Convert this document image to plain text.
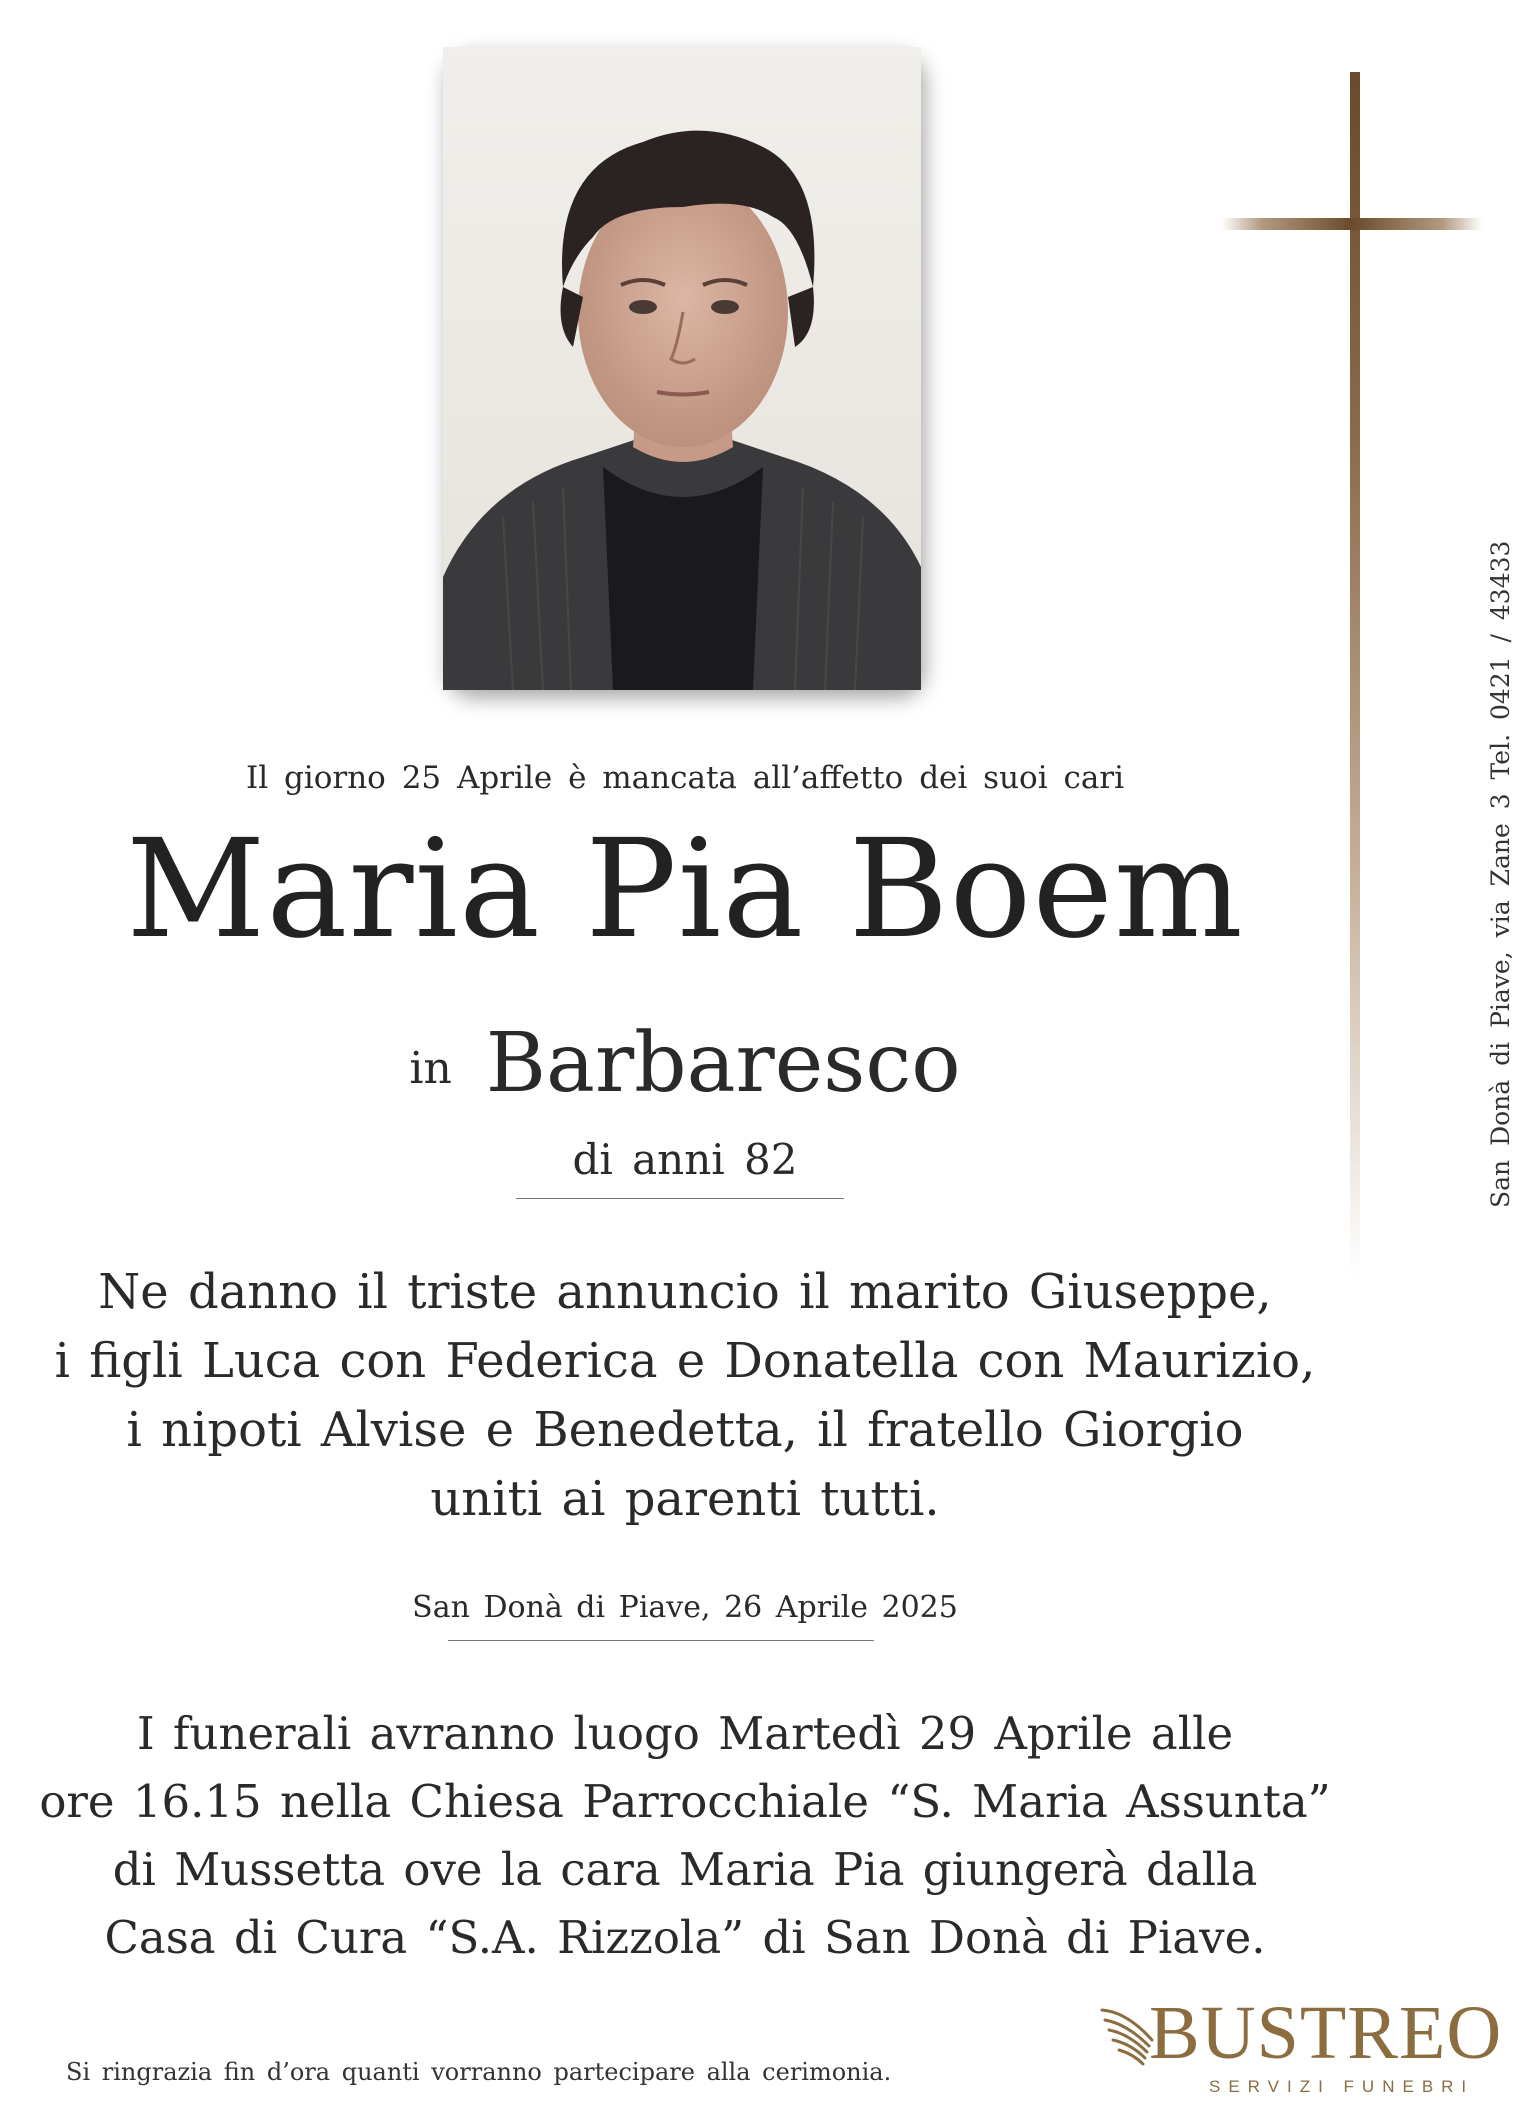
Il giorno 25 Aprile è mancata all’affetto dei suoi cari
Maria Pia Boem
in Barbaresco
di anni 82
Ne danno il triste annuncio il marito Giuseppe,
i figli Luca con Federica e Donatella con Maurizio,
i nipoti Alvise e Benedetta, il fratello Giorgio
uniti ai parenti tutti.
San Donà di Piave, 26 Aprile 2025
I funerali avranno luogo Martedì 29 Aprile alle
ore 16.15 nella Chiesa Parrocchiale “S. Maria Assunta”
di Mussetta ove la cara Maria Pia giungerà dalla
Casa di Cura “S.A. Rizzola” di San Donà di Piave.
Si ringrazia fin d’ora quanti vorranno partecipare alla cerimonia.
San Donà di Piave, via Zane 3 Tel. 0421 / 43433
BUSTREO
SERVIZI FUNEBRI
